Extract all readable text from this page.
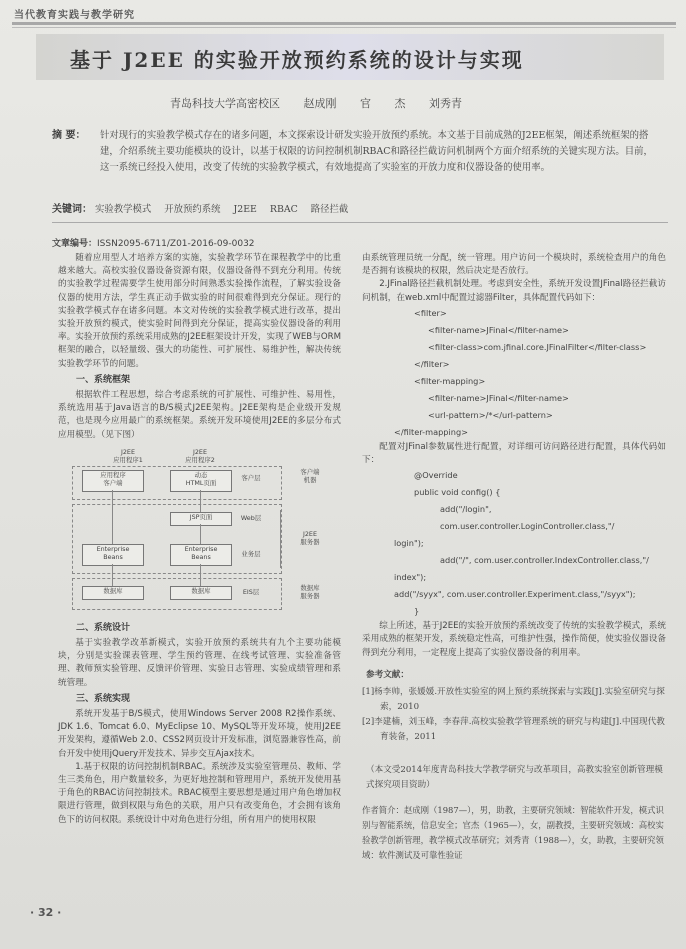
当代教育实践与教学研究
基于 J2EE 的实验开放预约系统的设计与实现
青岛科技大学高密校区 赵成刚 官 杰 刘秀青
摘 要： 针对现行的实验教学模式存在的诸多问题，本文探索设计研发实验开放预约系统。本文基于目前成熟的J2EE框架，阐述系统框架的搭建，介绍系统主要功能模块的设计，以基于权限的访问控制机制RBAC和路径拦截访问机制两个方面介绍系统的关键实现方法。目前，这一系统已经投入使用，改变了传统的实验教学模式，有效地提高了实验室的开放力度和仪器设备的使用率。
关键词： 实验教学模式 开放预约系统 J2EE RBAC 路径拦截
文章编号：ISSN2095-6711/Z01-2016-09-0032

随着应用型人才培养方案的实施，实验教学环节在课程教学中的比重越来越大。高校实验仪器设备资源有限，仪器设备得不到充分利用。传统的实验教学过程需要学生使用部分时间熟悉实验操作流程，了解实验设备仪器的使用方法，学生真正动手做实验的时间很难得到充分保证。现行的实验教学模式存在诸多问题。本文对传统的实验教学模式进行改革，提出实验开放预约模式，使实验时间得到充分保证，提高实验仪器设备的利用率。实验开放预约系统采用成熟的J2EE框架设计开发，实现了WEB与ORM框架的融合，以轻量级、强大的功能性、可扩展性、易维护性，解决传统实验教学环节的问题。

一、系统框架

根据软件工程思想，综合考虑系统的可扩展性、可维护性、易用性，系统选用基于Java语言的B/S模式J2EE架构。J2EE架构是企业级开发规范，也是现今应用最广的系统框架。系统开发环境使用J2EE的多层分布式应用模型。（见下图）

J2EE
应用程序1
J2EE
应用程序2
应用程序
客户端
动态
HTML页面
客户层
客户端
机器
JSP页面	Web层
Enterprise
Beans
Enterprise
Beans	业务层
J2EE
服务器
数据库	数据库	EIS层	数据库
服务器
二、系统设计

基于实验教学改革新模式，实验开放预约系统共有九个主要功能模块，分别是实验课表管理、学生预约管理、在线考试管理、实验准备管理、教师预实验管理、反馈评价管理、实验日志管理、实验成绩管理和系统管理。

三、系统实现

系统开发基于B/S模式，使用Windows Server 2008 R2操作系统、JDK 1.6、Tomcat 6.0、MyEclipse 10、MySQL等开发环境，使用J2EE开发架构，遵循Web 2.0、CSS2网页设计开发标准，浏览器兼容性高，前台开发中使用jQuery开发技术、异步交互Ajax技术。

1.基于权限的访问控制机制RBAC。系统涉及实验室管理员、教师、学生三类角色，用户数量较多，为更好地控制和管理用户，系统开发使用基于角色的RBAC访问控制技术。RBAC模型主要思想是通过用户角色增加权限进行管理，做到权限与角色的关联，用户只有改变角色，才会拥有该角色下的访问权限。系统设计中对角色进行分组，所有用户的使用权限

由系统管理员统一分配，统一管理。用户访问一个模块时，系统检查用户的角色是否拥有该模块的权限，然后决定是否放行。

2.JFinal路径拦截机制处理。考虑到安全性，系统开发设置JFinal路径拦截访问机制，在web.xml中配置过滤器Filter，具体配置代码如下：

<filter>
<filter-name>JFinal</filter-name>
<filter-class>com.jfinal.core.JFinalFilter</filter-class>
</filter>
<filter-mapping>
<filter-name>JFinal</filter-name>
<url-pattern>/*</url-pattern>
</filter-mapping>

配置对JFinal参数属性进行配置，对详细可访问路径进行配置，具体代码如下：

@Override
public void config() {
add("/login", com.user.controller.LoginController.class,"/
login");
add("/", com.user.controller.IndexController.class,"/
index");
add("/syyx", com.user.controller.Experiment.class,"/syyx");
}

综上所述，基于J2EE的实验开放预约系统改变了传统的实验教学模式，系统采用成熟的框架开发，系统稳定性高，可维护性强，操作简便，使实验仪器设备得到充分利用，一定程度上提高了实验仪器设备的利用率。

参考文献：

[1]杨李帅，张媛媛.开放性实验室的网上预约系统探索与实践[J].实验室研究与探索，2010

[2]李建楠，刘玉峰，李春萍.高校实验教学管理系统的研究与构建[J].中国现代教育装备，2011

（本文受2014年度青岛科技大学教学研究与改革项目，高教实验室创新管理模式探究项目资助）
作者简介：赵成刚（1987—），男，助教，主要研究领域：智能软件开发，模式识别与智能系统，信息安全；官杰（1965—），女，副教授，主要研究领域：高校实验教学创新管理，教学模式改革研究；刘秀青（1988—），女，助教，主要研究领域：软件测试及可靠性验证
· 32 ·
